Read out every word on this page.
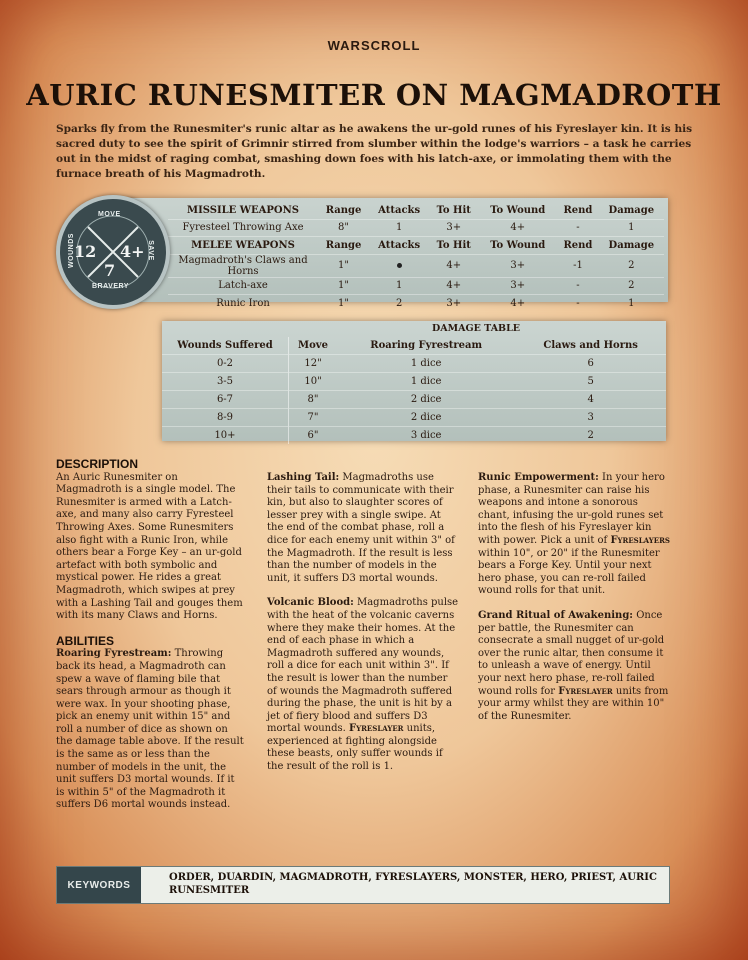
WARSCROLL
AURIC RUNESMITER ON MAGMADROTH
Sparks fly from the Runesmiter's runic altar as he awakens the ur-gold runes of his Fyreslayer kin. It is his sacred duty to see the spirit of Grimnir stirred from slumber within the lodge's warriors – a task he carries out in the midst of raging combat, smashing down foes with his latch-axe, or immolating them with the furnace breath of his Magmadroth.
MISSILE WEAPONS	Range	Attacks	To Hit	To Wound	Rend	Damage
Fyresteel Throwing Axe	8"	1	3+	4+	-	1
MELEE WEAPONS	Range	Attacks	To Hit	To Wound	Rend	Damage
Magmadroth's Claws and Horns	1"		4+	3+	-1	2
Latch-axe	1"	1	4+	3+	-	2
Runic Iron	1"	2	3+	4+	-	1
MOVE
BRAVERY
WOUNDS	SAVE
12 4+
7
DAMAGE TABLE
Wounds Suffered	Move	Roaring Fyrestream	Claws and Horns
0-2	12"	1 dice	6
3-5	10"	1 dice	5
6-7	8"	2 dice	4
8-9	7"	2 dice	3
10+	6"	3 dice	2
DESCRIPTION

An Auric Runesmiter on Magmadroth is a single model. The Runesmiter is armed with a Latch-axe, and many also carry Fyresteel Throwing Axes. Some Runesmiters also fight with a Runic Iron, while others bear a Forge Key – an ur-gold artefact with both symbolic and mystical power. He rides a great Magmadroth, which swipes at prey with a Lashing Tail and gouges them with its many Claws and Horns.

ABILITIES

Roaring Fyrestream: Throwing back its head, a Magmadroth can spew a wave of flaming bile that sears through armour as though it were wax. In your shooting phase, pick an enemy unit within 15" and roll a number of dice as shown on the damage table above. If the result is the same as or less than the number of models in the unit, the unit suffers D3 mortal wounds. If it is within 5" of the Magmadroth it suffers D6 mortal wounds instead.

Lashing Tail: Magmadroths use their tails to communicate with their kin, but also to slaughter scores of lesser prey with a single swipe. At the end of the combat phase, roll a dice for each enemy unit within 3" of the Magmadroth. If the result is less than the number of models in the unit, it suffers D3 mortal wounds.

Volcanic Blood: Magmadroths pulse with the heat of the volcanic caverns where they make their homes. At the end of each phase in which a Magmadroth suffered any wounds, roll a dice for each unit within 3". If the result is lower than the number of wounds the Magmadroth suffered during the phase, the unit is hit by a jet of fiery blood and suffers D3 mortal wounds. Fyreslayer units, experienced at fighting alongside these beasts, only suffer wounds if the result of the roll is 1.

Runic Empowerment: In your hero phase, a Runesmiter can raise his weapons and intone a sonorous chant, infusing the ur-gold runes set into the flesh of his Fyreslayer kin with power. Pick a unit of Fyreslayers within 10", or 20" if the Runesmiter bears a Forge Key. Until your next hero phase, you can re-roll failed wound rolls for that unit.

Grand Ritual of Awakening: Once per battle, the Runesmiter can consecrate a small nugget of ur-gold over the runic altar, then consume it to unleash a wave of energy. Until your next hero phase, re-roll failed wound rolls for Fyreslayer units from your army whilst they are within 10" of the Runesmiter.

KEYWORDS
ORDER, DUARDIN, MAGMADROTH, FYRESLAYERS, MONSTER, HERO, PRIEST, AURIC RUNESMITER
